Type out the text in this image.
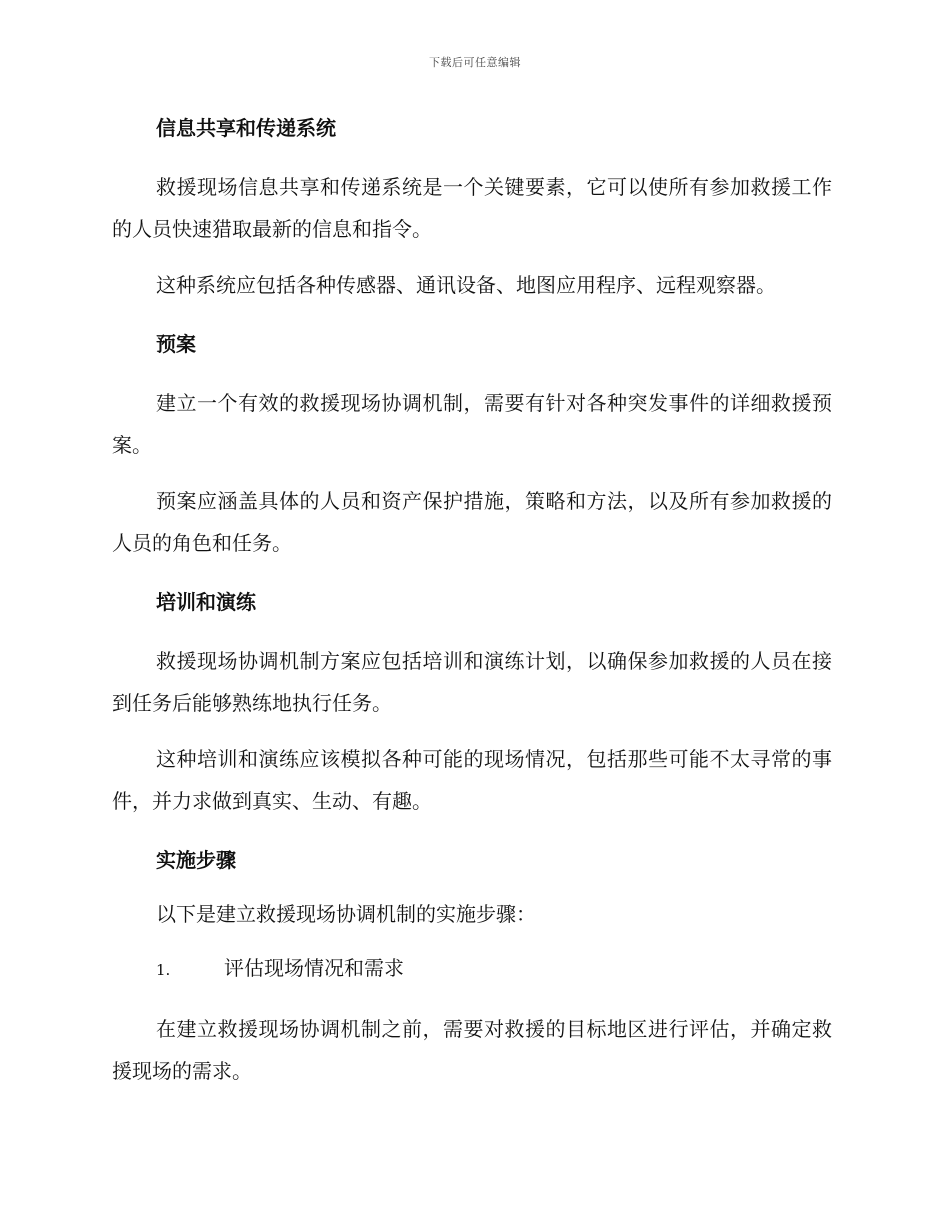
下载后可任意编辑
信息共享和传递系统

救援现场信息共享和传递系统是一个关键要素，它可以使所有参加救援工作的人员快速猎取最新的信息和指令。

这种系统应包括各种传感器、通讯设备、地图应用程序、远程观察器。

预案

建立一个有效的救援现场协调机制，需要有针对各种突发事件的详细救援预案。

预案应涵盖具体的人员和资产保护措施，策略和方法，以及所有参加救援的人员的角色和任务。

培训和演练

救援现场协调机制方案应包括培训和演练计划，以确保参加救援的人员在接到任务后能够熟练地执行任务。

这种培训和演练应该模拟各种可能的现场情况，包括那些可能不太寻常的事件，并力求做到真实、生动、有趣。

实施步骤
以下是建立救援现场协调机制的实施步骤：
1.	评估现场情况和需求

在建立救援现场协调机制之前，需要对救援的目标地区进行评估，并确定救援现场的需求。
